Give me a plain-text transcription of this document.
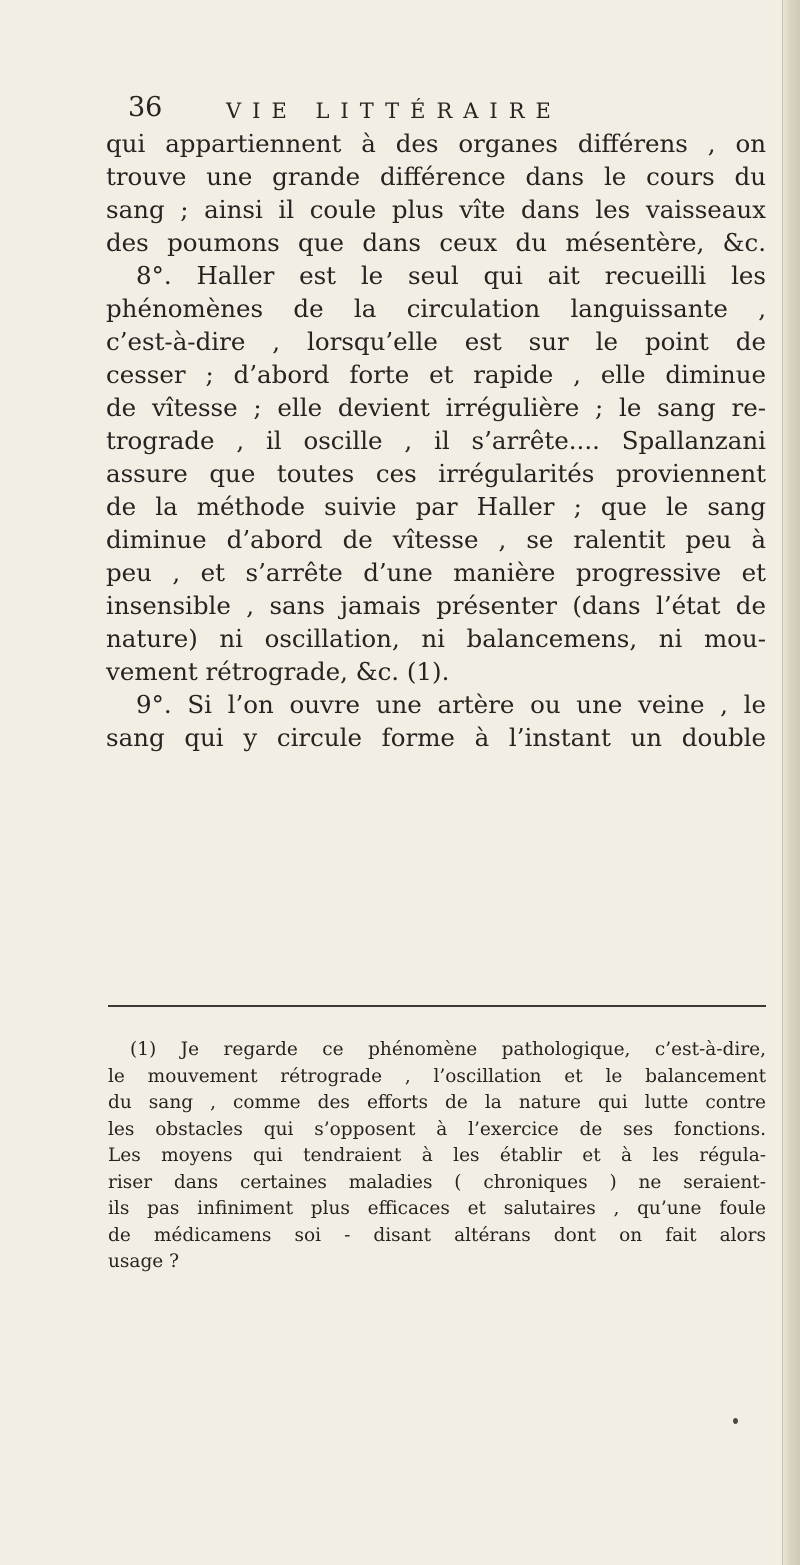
36	VIE LITTÉRAIRE
qui appartiennent à des organes différens , on
trouve une grande différence dans le cours du
sang ; ainsi il coule plus vîte dans les vaisseaux
des poumons que dans ceux du mésentère, &c.
8°. Haller est le seul qui ait recueilli les
phénomènes de la circulation languissante ,
c’est-à-dire , lorsqu’elle est sur le point de
cesser ; d’abord forte et rapide , elle diminue
de vîtesse ; elle devient irrégulière ; le sang re-
trograde , il oscille , il s’arrête.... Spallanzani
assure que toutes ces irrégularités proviennent
de la méthode suivie par Haller ; que le sang
diminue d’abord de vîtesse , se ralentit peu à
peu , et s’arrête d’une manière progressive et
insensible , sans jamais présenter (dans l’état de
nature) ni oscillation, ni balancemens, ni mou-
vement rétrograde, &c. (1).
9°. Si l’on ouvre une artère ou une veine , le
sang qui y circule forme à l’instant un double
(1) Je regarde ce phénomène pathologique, c’est-à-dire,
le mouvement rétrograde , l’oscillation et le balancement
du sang , comme des efforts de la nature qui lutte contre
les obstacles qui s’opposent à l’exercice de ses fonctions.
Les moyens qui tendraient à les établir et à les régula-
riser dans certaines maladies ( chroniques ) ne seraient-
ils pas infiniment plus efficaces et salutaires , qu’une foule
de médicamens soi - disant altérans dont on fait alors
usage ?
